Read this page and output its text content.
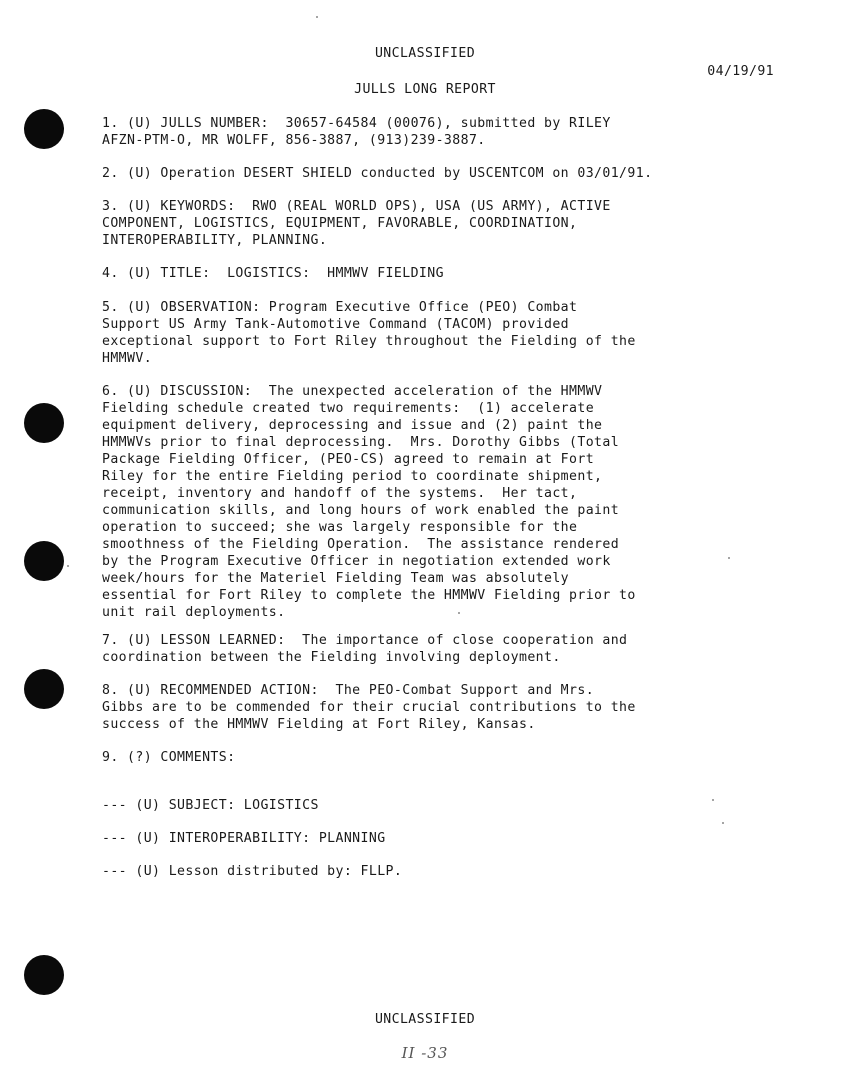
UNCLASSIFIED

04/19/91

JULLS LONG REPORT

1. (U) JULLS NUMBER:  30657-64584 (00076), submitted by RILEY

AFZN-PTM-O, MR WOLFF, 856-3887, (913)239-3887.

2. (U) Operation DESERT SHIELD conducted by USCENTCOM on 03/01/91.

3. (U) KEYWORDS:  RWO (REAL WORLD OPS), USA (US ARMY), ACTIVE

COMPONENT, LOGISTICS, EQUIPMENT, FAVORABLE, COORDINATION,

INTEROPERABILITY, PLANNING.

4. (U) TITLE:  LOGISTICS:  HMMWV FIELDING

5. (U) OBSERVATION: Program Executive Office (PEO) Combat

Support US Army Tank-Automotive Command (TACOM) provided

exceptional support to Fort Riley throughout the Fielding of the

HMMWV.

6. (U) DISCUSSION:  The unexpected acceleration of the HMMWV

Fielding schedule created two requirements:  (1) accelerate

equipment delivery, deprocessing and issue and (2) paint the

HMMWVs prior to final deprocessing.  Mrs. Dorothy Gibbs (Total

Package Fielding Officer, (PEO-CS) agreed to remain at Fort

Riley for the entire Fielding period to coordinate shipment,

receipt, inventory and handoff of the systems.  Her tact,

communication skills, and long hours of work enabled the paint

operation to succeed; she was largely responsible for the

smoothness of the Fielding Operation.  The assistance rendered

by the Program Executive Officer in negotiation extended work

week/hours for the Materiel Fielding Team was absolutely

essential for Fort Riley to complete the HMMWV Fielding prior to

unit rail deployments.

7. (U) LESSON LEARNED:  The importance of close cooperation and

coordination between the Fielding involving deployment.

8. (U) RECOMMENDED ACTION:  The PEO-Combat Support and Mrs.

Gibbs are to be commended for their crucial contributions to the

success of the HMMWV Fielding at Fort Riley, Kansas.

9. (?) COMMENTS:

--- (U) SUBJECT: LOGISTICS

--- (U) INTEROPERABILITY: PLANNING

--- (U) Lesson distributed by: FLLP.

UNCLASSIFIED

II -33
